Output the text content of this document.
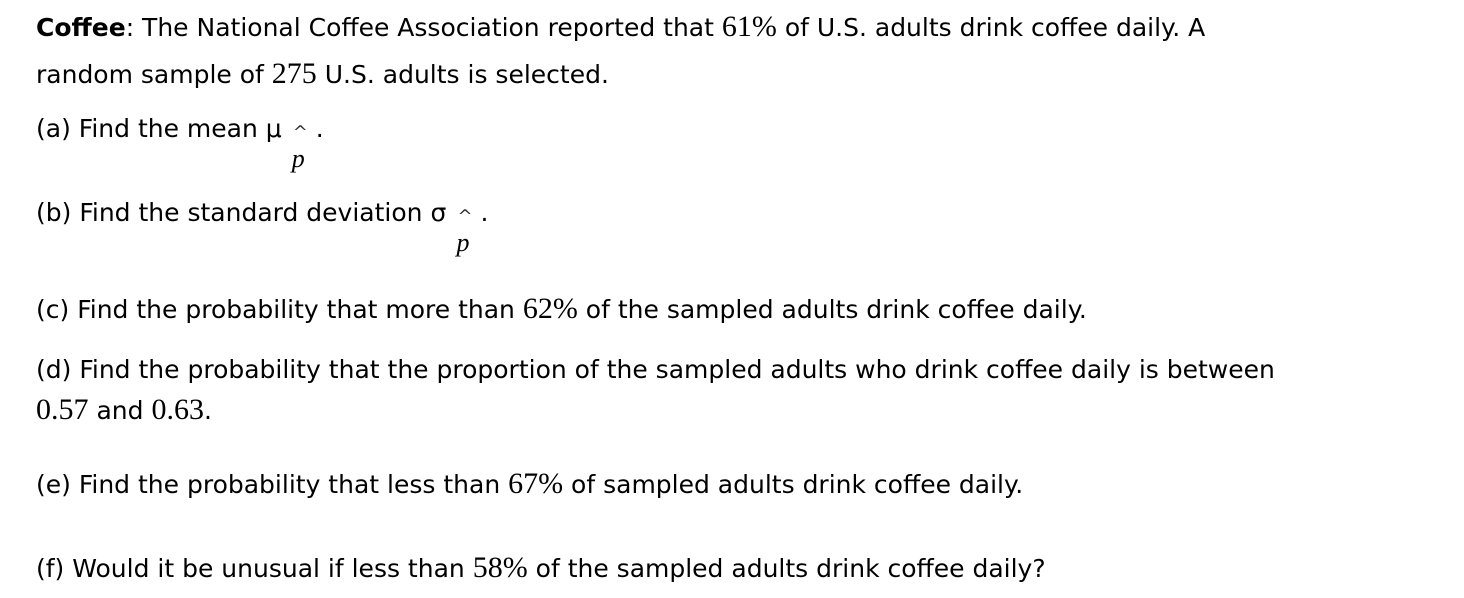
Coffee: The National Coffee Association reported that 61% of U.S. adults drink coffee daily. A
random sample of 275 U.S. adults is selected.
(a) Find the mean μ ^ .
p
(b) Find the standard deviation σ ^ .
p
(c) Find the probability that more than 62% of the sampled adults drink coffee daily.
(d) Find the probability that the proportion of the sampled adults who drink coffee daily is between
0.57 and 0.63.
(e) Find the probability that less than 67% of sampled adults drink coffee daily.
(f) Would it be unusual if less than 58% of the sampled adults drink coffee daily?
